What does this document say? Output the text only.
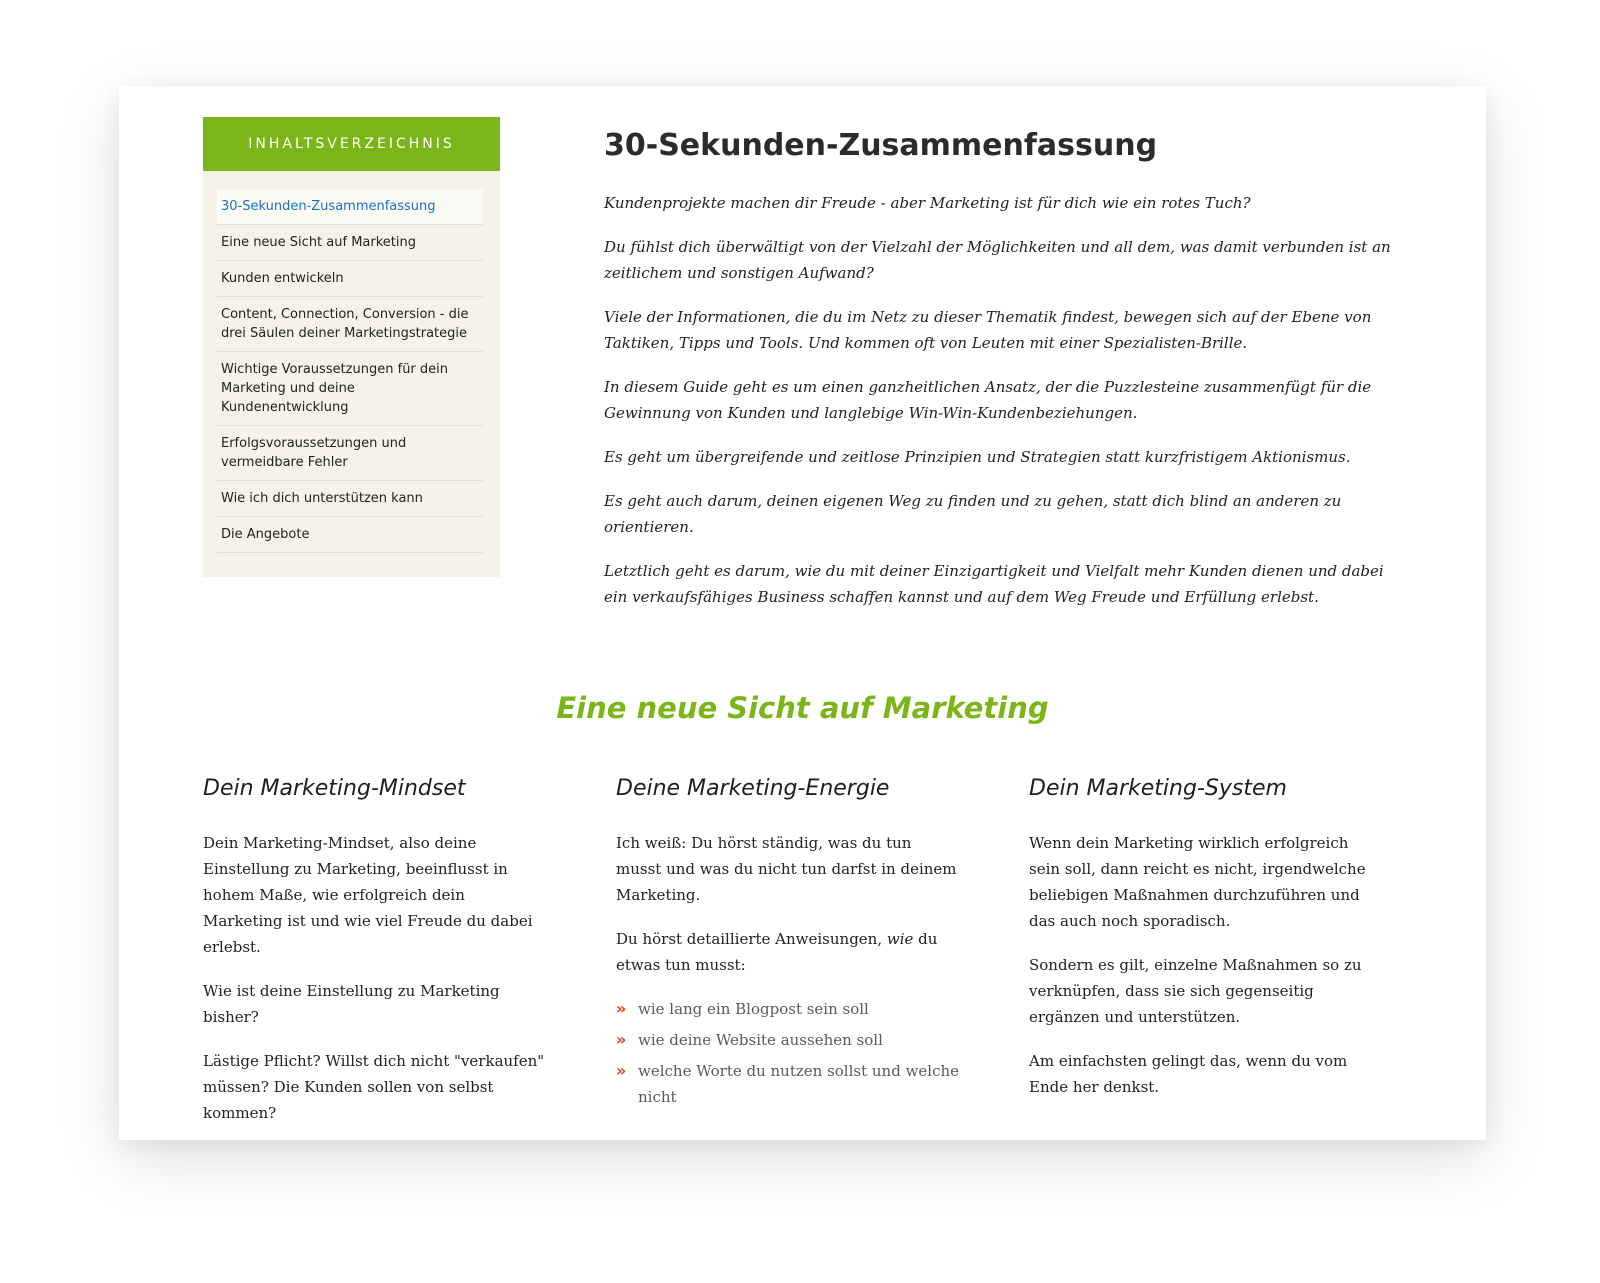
INHALTSVERZEICHNIS
30-Sekunden-Zusammenfassung
Eine neue Sicht auf Marketing
Kunden entwickeln
Content, Connection, Conversion - die drei Säulen deiner Marketingstrategie
Wichtige Voraussetzungen für dein Marketing und deine Kundenentwicklung
Erfolgsvoraussetzungen und vermeidbare Fehler
Wie ich dich unterstützen kann
Die Angebote
30-Sekunden-Zusammenfassung

Kundenprojekte machen dir Freude - aber Marketing ist für dich wie ein rotes Tuch?

Du fühlst dich überwältigt von der Vielzahl der Möglichkeiten und all dem, was damit verbunden ist an zeitlichem und sonstigen Aufwand?

Viele der Informationen, die du im Netz zu dieser Thematik findest, bewegen sich auf der Ebene von Taktiken, Tipps und Tools. Und kommen oft von Leuten mit einer Spezialisten-Brille.

In diesem Guide geht es um einen ganzheitlichen Ansatz, der die Puzzlesteine zusammenfügt für die Gewinnung von Kunden und langlebige Win-Win-Kundenbeziehungen.

Es geht um übergreifende und zeitlose Prinzipien und Strategien statt kurzfristigem Aktionismus.

Es geht auch darum, deinen eigenen Weg zu finden und zu gehen, statt dich blind an anderen zu orientieren.

Letztlich geht es darum, wie du mit deiner Einzigartigkeit und Vielfalt mehr Kunden dienen und dabei ein verkaufsfähiges Business schaffen kannst und auf dem Weg Freude und Erfüllung erlebst.

Eine neue Sicht auf Marketing
Dein Marketing-Mindset

Dein Marketing-Mindset, also deine Einstellung zu Marketing, beeinflusst in hohem Maße, wie erfolgreich dein Marketing ist und wie viel Freude du dabei erlebst.

Wie ist deine Einstellung zu Marketing bisher?

Lästige Pflicht? Willst dich nicht "verkaufen" müssen? Die Kunden sollen von selbst kommen?

Deine Marketing-Energie

Ich weiß: Du hörst ständig, was du tun musst und was du nicht tun darfst in deinem Marketing.

Du hörst detaillierte Anweisungen, wie du etwas tun musst:

» wie lang ein Blogpost sein soll
» wie deine Website aussehen soll
» welche Worte du nutzen sollst und welche nicht
Dein Marketing-System

Wenn dein Marketing wirklich erfolgreich sein soll, dann reicht es nicht, irgendwelche beliebigen Maßnahmen durchzuführen und das auch noch sporadisch.

Sondern es gilt, einzelne Maßnahmen so zu verknüpfen, dass sie sich gegenseitig ergänzen und unterstützen.

Am einfachsten gelingt das, wenn du vom Ende her denkst.
